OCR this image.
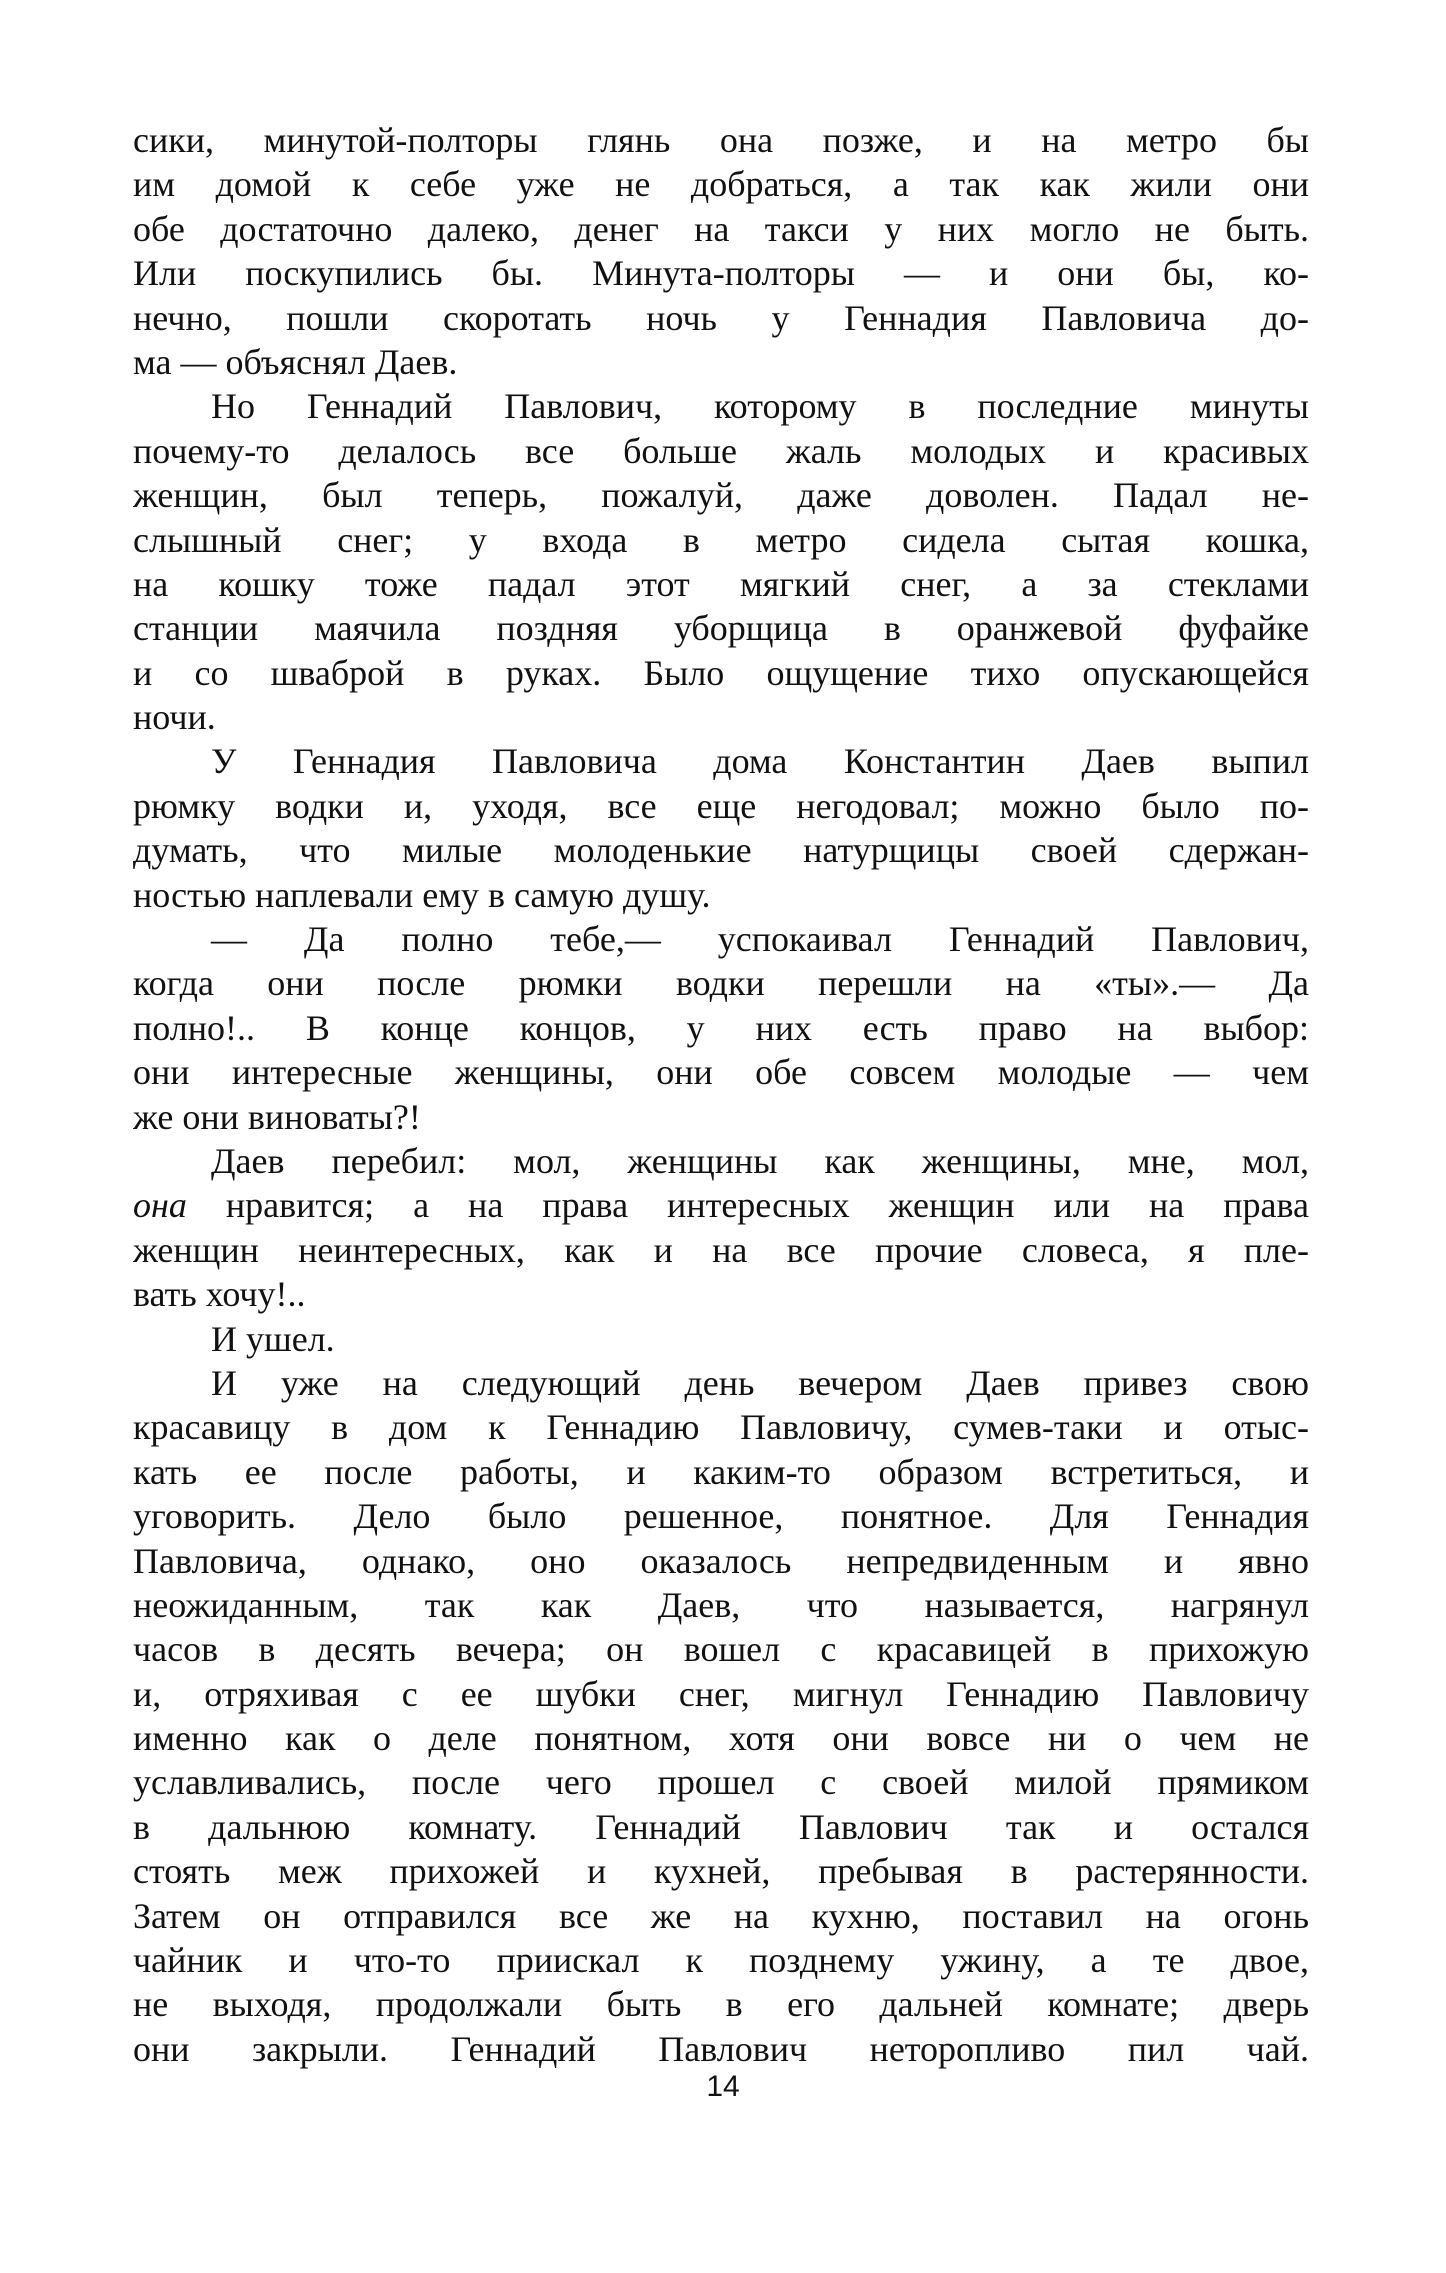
сики, минутой-полторы глянь она позже, и на метро бы
им домой к себе уже не добраться, а так как жили они
обе достаточно далеко, денег на такси у них могло не быть.
Или поскупились бы. Минута-полторы — и они бы, ко-
нечно, пошли скоротать ночь у Геннадия Павловича до-
ма — объяснял Даев.
Но Геннадий Павлович, которому в последние минуты
почему-то делалось все больше жаль молодых и красивых
женщин, был теперь, пожалуй, даже доволен. Падал не-
слышный снег; у входа в метро сидела сытая кошка,
на кошку тоже падал этот мягкий снег, а за стеклами
станции маячила поздняя уборщица в оранжевой фуфайке
и со шваброй в руках. Было ощущение тихо опускающейся
ночи.
У Геннадия Павловича дома Константин Даев выпил
рюмку водки и, уходя, все еще негодовал; можно было по-
думать, что милые молоденькие натурщицы своей сдержан-
ностью наплевали ему в самую душу.
— Да полно тебе,— успокаивал Геннадий Павлович,
когда они после рюмки водки перешли на «ты».— Да
полно!.. В конце концов, у них есть право на выбор:
они интересные женщины, они обе совсем молодые — чем
же они виноваты?!
Даев перебил: мол, женщины как женщины, мне, мол,
она нравится; а на права интересных женщин или на права
женщин неинтересных, как и на все прочие словеса, я пле-
вать хочу!..
И ушел.
И уже на следующий день вечером Даев привез свою
красавицу в дом к Геннадию Павловичу, сумев-таки и отыс-
кать ее после работы, и каким-то образом встретиться, и
уговорить. Дело было решенное, понятное. Для Геннадия
Павловича, однако, оно оказалось непредвиденным и явно
неожиданным, так как Даев, что называется, нагрянул
часов в десять вечера; он вошел с красавицей в прихожую
и, отряхивая с ее шубки снег, мигнул Геннадию Павловичу
именно как о деле понятном, хотя они вовсе ни о чем не
уславливались, после чего прошел с своей милой прямиком
в дальнюю комнату. Геннадий Павлович так и остался
стоять меж прихожей и кухней, пребывая в растерянности.
Затем он отправился все же на кухню, поставил на огонь
чайник и что-то приискал к позднему ужину, а те двое,
не выходя, продолжали быть в его дальней комнате; дверь
они закрыли. Геннадий Павлович неторопливо пил чай.
14
